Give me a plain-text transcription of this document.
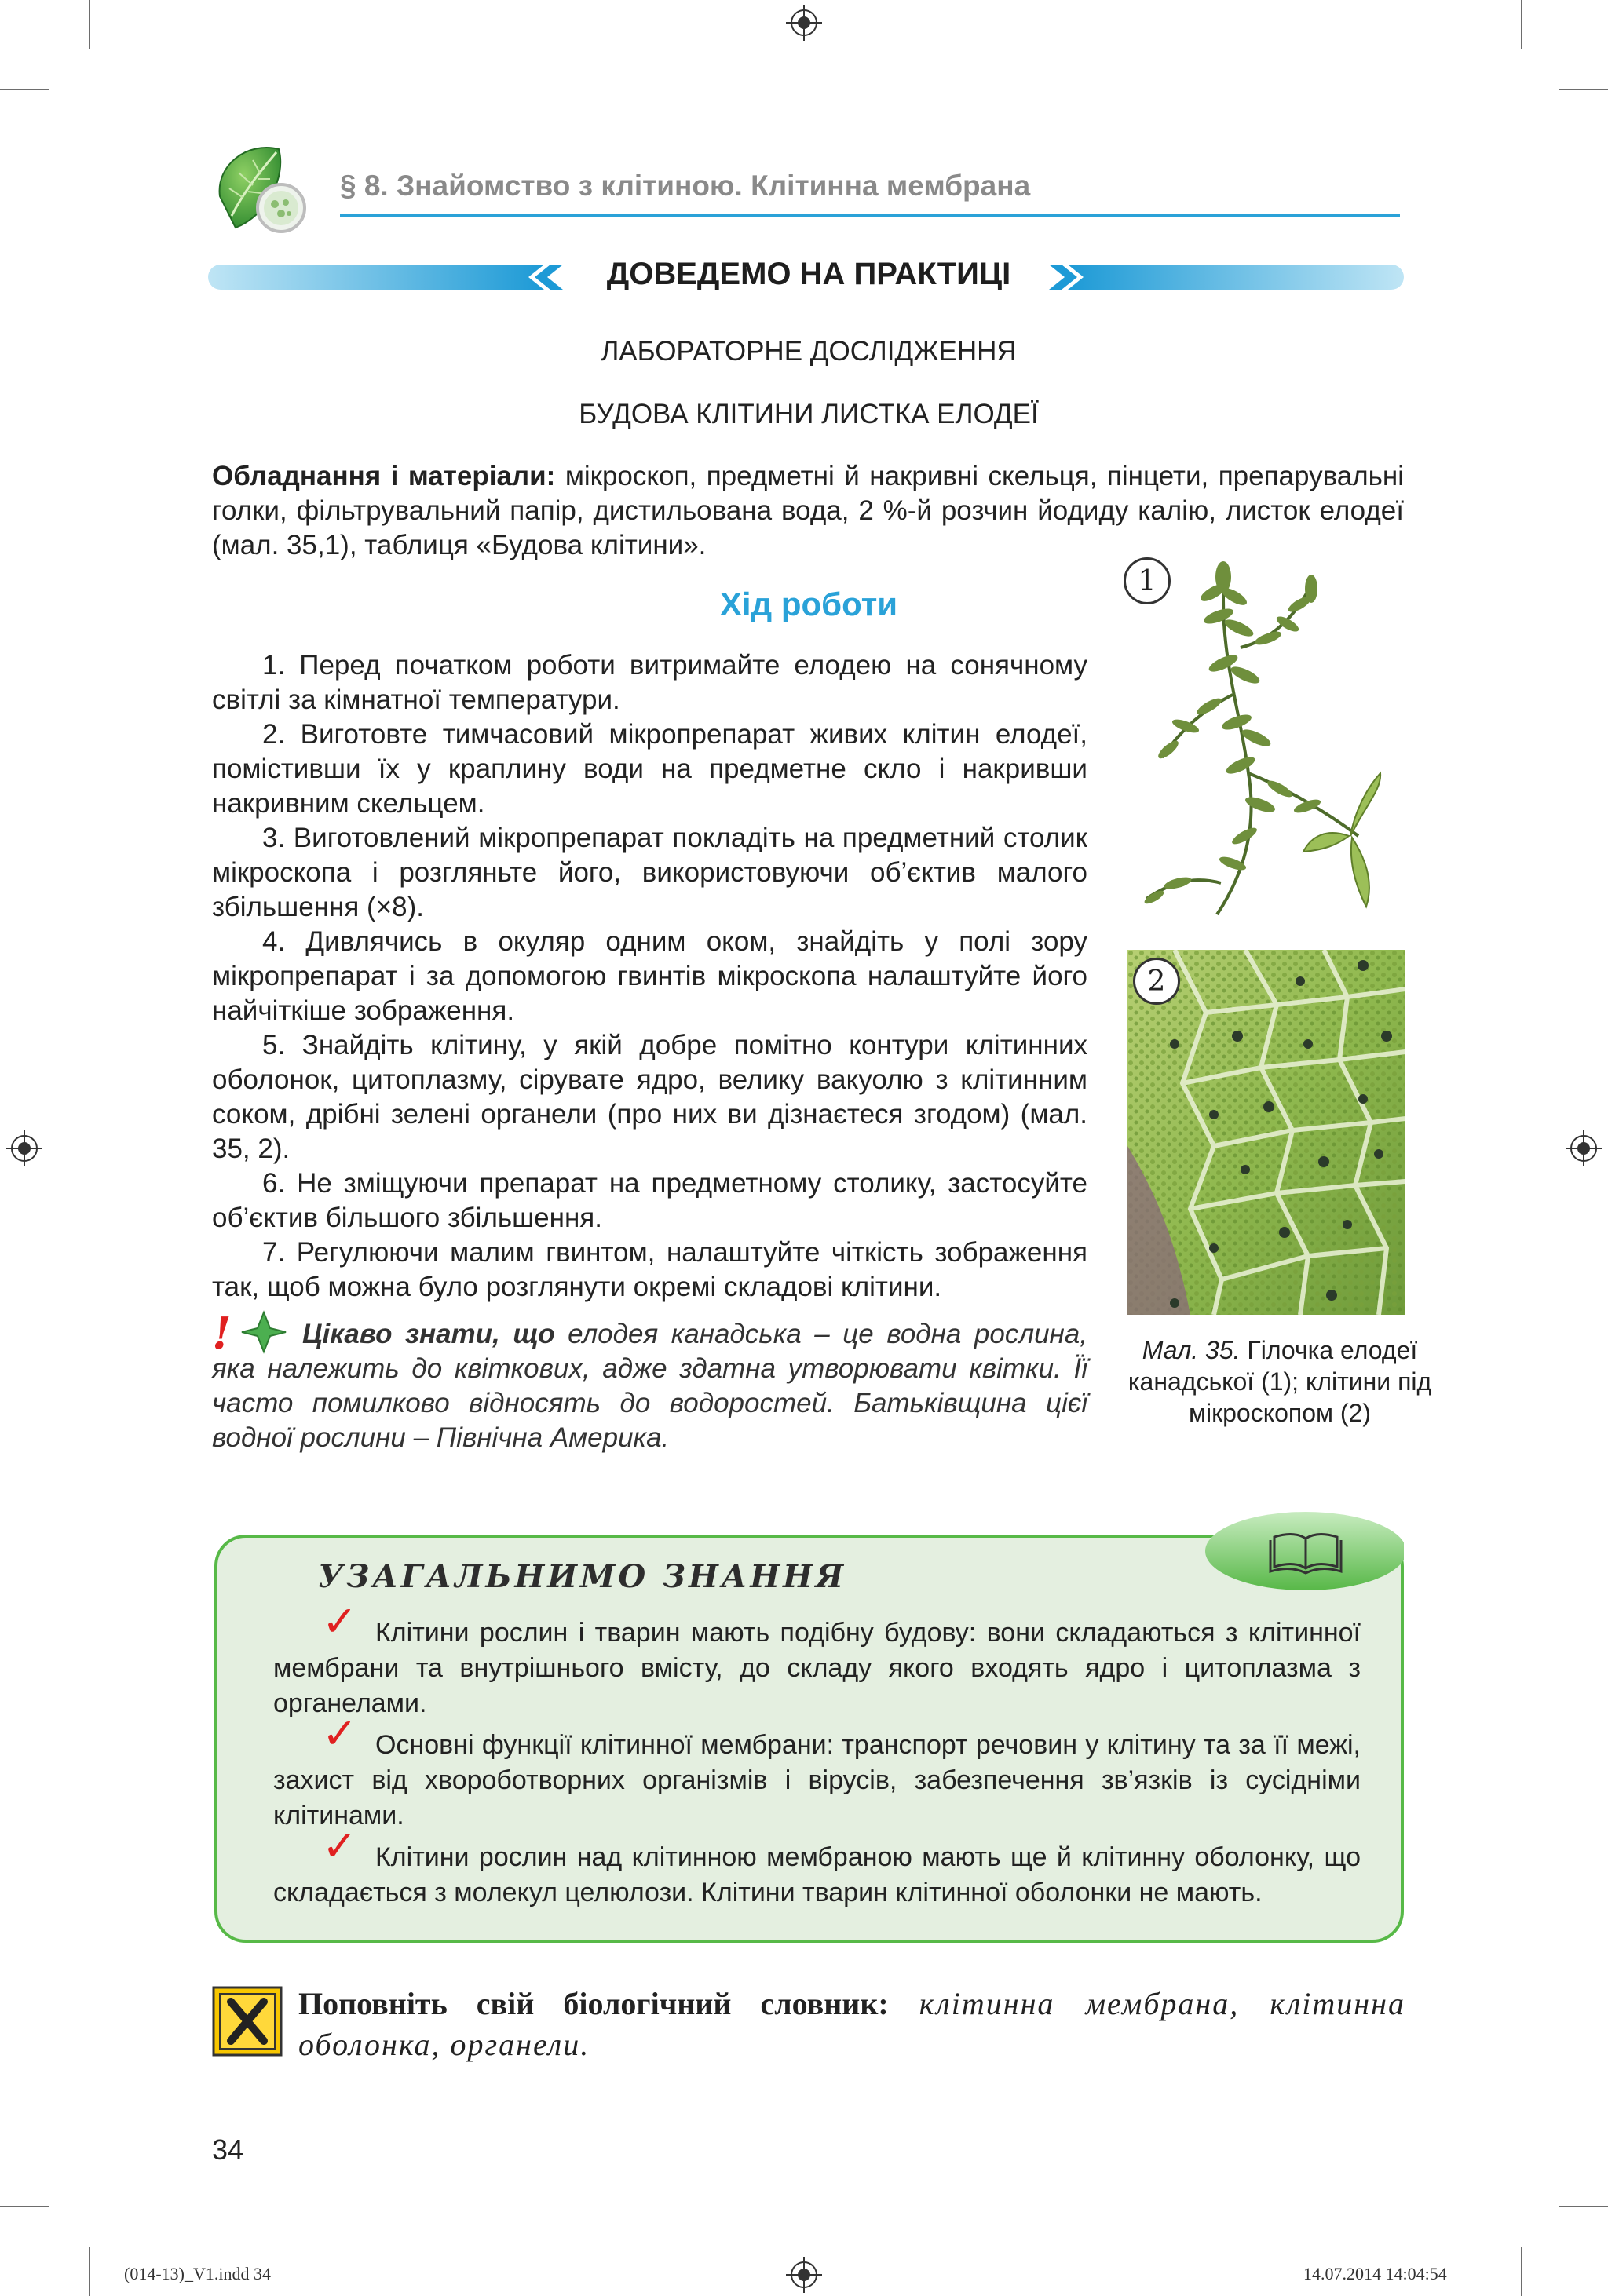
§ 8. Знайомство з клітиною. Клітинна мембрана
ДОВЕДЕМО НА ПРАКТИЦІ
ЛАБОРАТОРНЕ ДОСЛІДЖЕННЯ
БУДОВА КЛІТИНИ ЛИСТКА ЕЛОДЕЇ
Обладнання і матеріали: мікроскоп, предметні й накривні скельця, пінцети, препарувальні голки, фільтрувальний папір, дистильована вода, 2 %-й розчин йодиду калію, листок елодеї (мал. 35,1), таблиця «Будова клітини».
Хід роботи
1. Перед початком роботи витримайте елодею на сонячному світлі за кімнатної температури.
2. Виготовте тимчасовий мікропрепарат живих клітин елодеї, помістивши їх у краплину води на предметне скло і накривши накривним скельцем.
3. Виготовлений мікропрепарат покладіть на предметний столик мікроскопа і розгляньте його, використовуючи об’єктив малого збільшення (×8).
4. Дивлячись в окуляр одним оком, знайдіть у полі зору мікропрепарат і за допомогою гвинтів мікроскопа налаштуйте його найчіткіше зображення.
5. Знайдіть клітину, у якій добре помітно контури клітинних оболонок, цитоплазму, сірувате ядро, велику вакуолю з клітинним соком, дрібні зелені органели (про них ви дізнаєтеся згодом) (мал. 35, 2).
6. Не зміщуючи препарат на предметному столику, застосуйте об’єктив більшого збільшення.
7. Регулюючи малим гвинтом, налаштуйте чіткість зображення так, щоб можна було розглянути окремі складові клітини.
1
2
!	Цікаво знати, що елодея канадська – це водна рослина, яка належить до квіткових, адже здатна утворювати квітки. Її часто помилково відносять до водоростей. Батьківщина цієї водної рослини – Північна Америка.
Мал. 35. Гілочка елодеї канадської (1); клітини під мікроскопом (2)
УЗАГАЛЬНИМО ЗНАННЯ
✓ Клітини рослин і тварин мають подібну будову: вони складаються з клітинної мембрани та внутрішнього вмісту, до складу якого входять ядро і цитоплазма з органелами.
✓ Основні функції клітинної мембрани: транспорт речовин у клітину та за її межі, захист від хвороботворних організмів і вірусів, забезпечення зв’язків із сусідніми клітинами.
✓ Клітини рослин над клітинною мембраною мають ще й клітинну оболонку, що складається з молекул целюлози. Клітини тварин клітинної оболонки не мають.
Поповніть свій біологічний словник: клітинна мембрана, клітинна оболонка, органели.
34
(014-13)_V1.indd 34	14.07.2014 14:04:54
